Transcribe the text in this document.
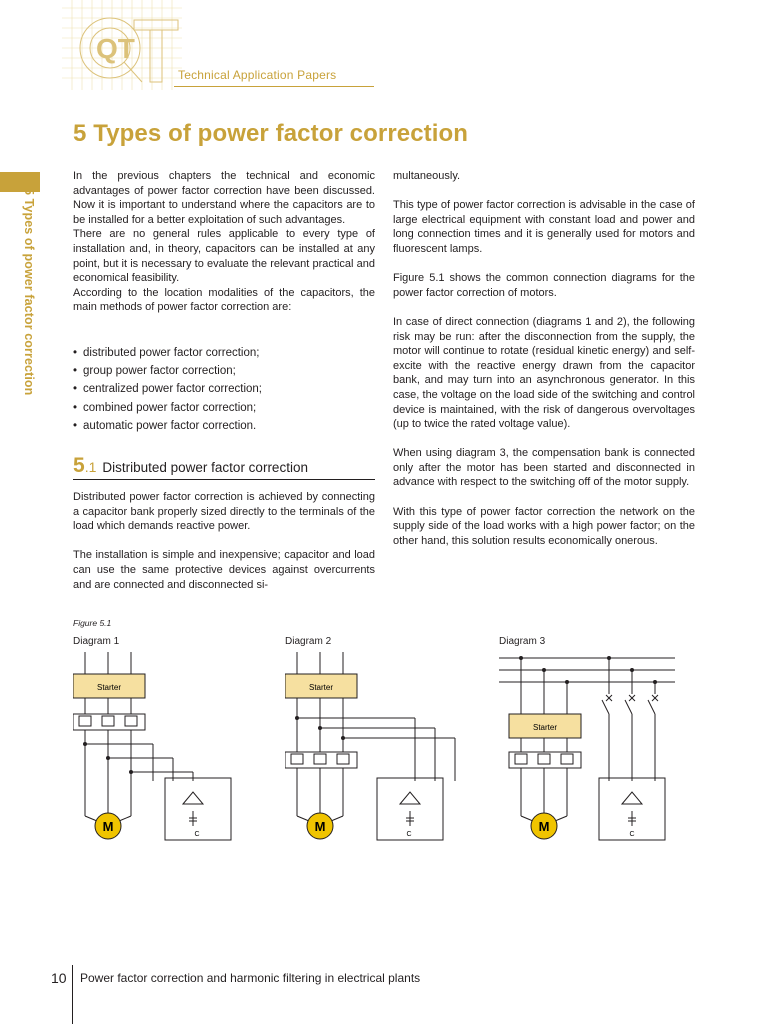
QT
Technical Application Papers
5 Types of power factor correction
5 Types of power factor correction
In the previous chapters the technical and economic advantages of power factor correction have been discussed. Now it is important to understand where the capacitors are to be installed for a better exploitation of such advantages.
There are no general rules applicable to every type of installation and, in theory, capacitors can be installed at any point, but it is necessary to evaluate the relevant practical and economical feasibility.
According to the location modalities of the capacitors, the main methods of power factor correction are:
• distributed power factor correction;
• group power factor correction;
• centralized power factor correction;
• combined power factor correction;
• automatic power factor correction.
5.1 Distributed power factor correction

Distributed power factor correction is achieved by connecting a capacitor bank properly sized directly to the terminals of the load which demands reactive power.

The installation is simple and inexpensive; capacitor and load can use the same protective devices against overcurrents and are connected and disconnected si-

multaneously.

This type of power factor correction is advisable in the case of large electrical equipment with constant load and power and long connection times and it is generally used for motors and fluorescent lamps.

Figure 5.1 shows the common connection diagrams for the power factor correction of motors.

In case of direct connection (diagrams 1 and 2), the following risk may be run: after the disconnection from the supply, the motor will continue to rotate (residual kinetic energy) and self-excite with the reactive energy drawn from the capacitor bank, and may turn into an asynchronous generator. In this case, the voltage on the load side of the switching and control device is maintained, with the risk of dangerous overvoltages (up to twice the rated voltage value).

When using diagram 3, the compensation bank is connected only after the motor has been started and disconnected in advance with respect to the switching off of the motor supply.

With this type of power factor correction the network on the supply side of the load works with a high power factor; on the other hand, this solution results economically onerous.

Figure 5.1
Diagram 1
Starter
M
C
Diagram 2
Starter
M
C
Diagram 3
Starter
M
C
10 Power factor correction and harmonic filtering in electrical plants
